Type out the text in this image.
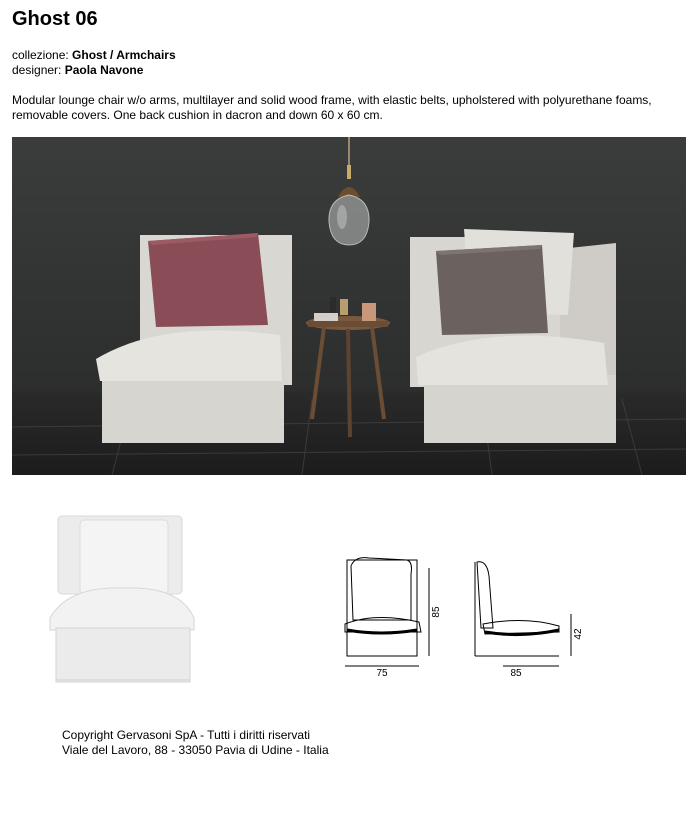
Ghost 06
collezione: Ghost / Armchairs
designer: Paola Navone
Modular lounge chair w/o arms, multilayer and solid wood frame, with elastic belts, upholstered with polyurethane foams, removable covers. One back cushion in dacron and down 60 x 60 cm.
75
85
85
42
Copyright Gervasoni SpA - Tutti i diritti riservati
Viale del Lavoro, 88 - 33050 Pavia di Udine - Italia
